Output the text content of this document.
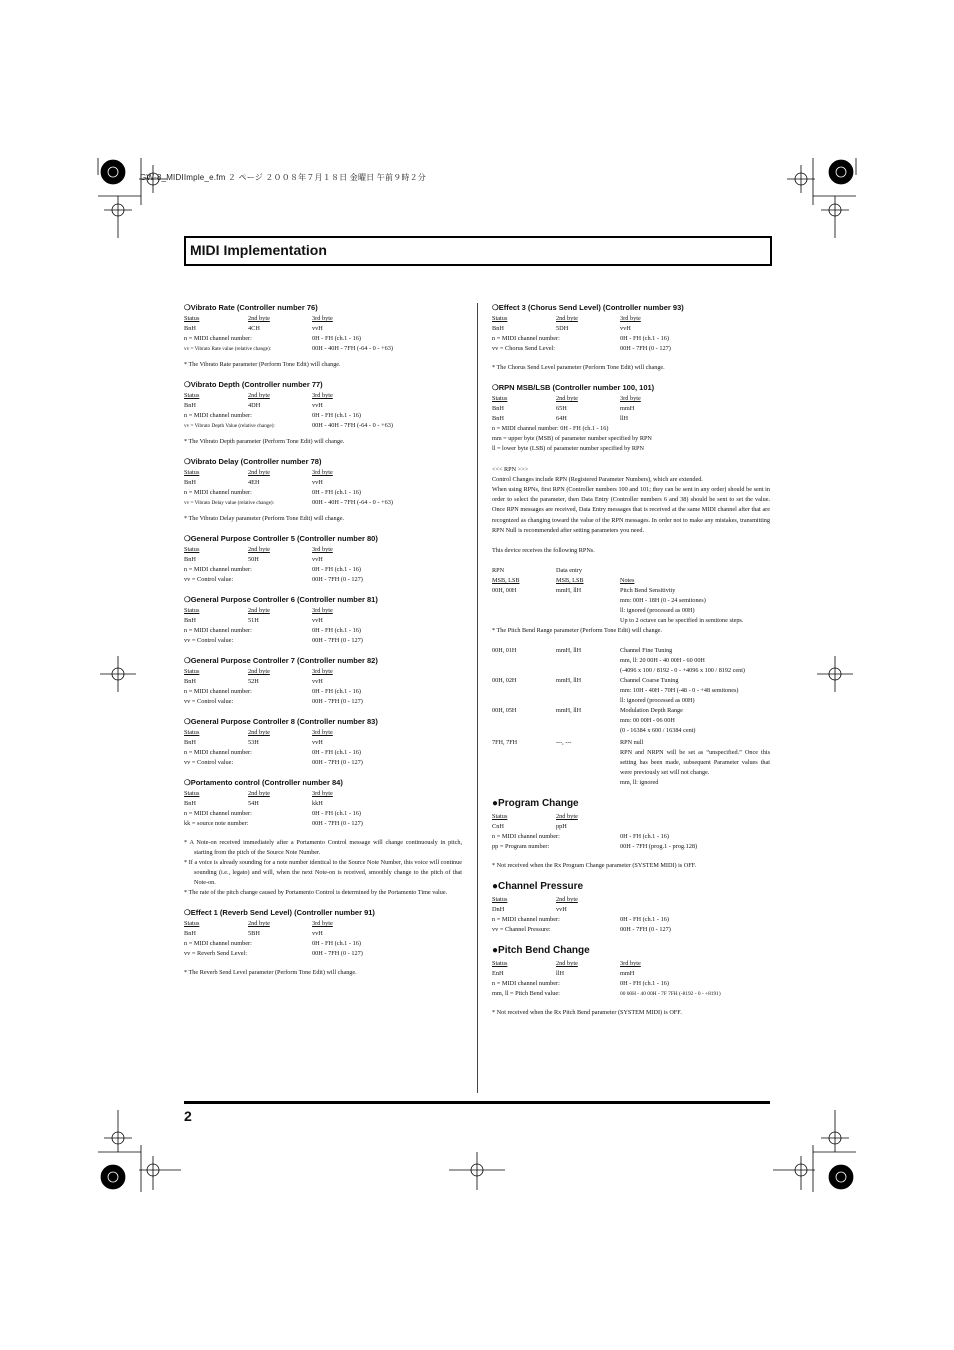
GW-8_MIDIImple_e.fm ２ ページ ２００８年７月１８日 金曜日 午前９時２分
MIDI Implementation
❍Vibrato Rate (Controller number 76)
Status	2nd byte	3rd byte
BnH	4CH	vvH
n = MIDI channel number:	0H - FH (ch.1 - 16)
vv = Vibrato Rate value (relative change):	00H - 40H - 7FH (-64 - 0 - +63)
* The Vibrato Rate parameter (Perform Tone Edit) will change.
❍Vibrato Depth (Controller number 77)
Status	2nd byte	3rd byte
BnH	4DH	vvH
n = MIDI channel number:	0H - FH (ch.1 - 16)
vv = Vibrato Depth Value (relative change):	00H - 40H - 7FH (-64 - 0 - +63)
* The Vibrato Depth parameter (Perform Tone Edit) will change.
❍Vibrato Delay (Controller number 78)
Status	2nd byte	3rd byte
BnH	4EH	vvH
n = MIDI channel number:	0H - FH (ch.1 - 16)
vv = Vibrato Delay value (relative change):	00H - 40H - 7FH (-64 - 0 - +63)
* The Vibrato Delay parameter (Perform Tone Edit) will change.
❍General Purpose Controller 5 (Controller number 80)
Status	2nd byte	3rd byte
BnH	50H	vvH
n = MIDI channel number:	0H - FH (ch.1 - 16)
vv = Control value:	00H - 7FH (0 - 127)
❍General Purpose Controller 6 (Controller number 81)
Status	2nd byte	3rd byte
BnH	51H	vvH
n = MIDI channel number:	0H - FH (ch.1 - 16)
vv = Control value:	00H - 7FH (0 - 127)
❍General Purpose Controller 7 (Controller number 82)
Status	2nd byte	3rd byte
BnH	52H	vvH
n = MIDI channel number:	0H - FH (ch.1 - 16)
vv = Control value:	00H - 7FH (0 - 127)
❍General Purpose Controller 8 (Controller number 83)
Status	2nd byte	3rd byte
BnH	53H	vvH
n = MIDI channel number:	0H - FH (ch.1 - 16)
vv = Control value:	00H - 7FH (0 - 127)
❍Portamento control (Controller number 84)
Status	2nd byte	3rd byte
BnH	54H	kkH
n = MIDI channel number:	0H - FH (ch.1 - 16)
kk = source note number:	00H - 7FH (0 - 127)
* A Note-on received immediately after a Portamento Control message will change continuously in pitch, starting from the pitch of the Source Note Number.
* If a voice is already sounding for a note number identical to the Source Note Number, this voice will continue sounding (i.e., legato) and will, when the next Note-on is received, smoothly change to the pitch of that Note-on.
* The rate of the pitch change caused by Portamento Control is determined by the Portamento Time value.
❍Effect 1 (Reverb Send Level) (Controller number 91)
Status	2nd byte	3rd byte
BnH	5BH	vvH
n = MIDI channel number:	0H - FH (ch.1 - 16)
vv = Reverb Send Level:	00H - 7FH (0 - 127)
* The Reverb Send Level parameter (Perform Tone Edit) will change.
❍Effect 3 (Chorus Send Level) (Controller number 93)
Status	2nd byte	3rd byte
BnH	5DH	vvH
n = MIDI channel number:	0H - FH (ch.1 - 16)
vv = Chorus Send Level:	00H - 7FH (0 - 127)
* The Chorus Send Level parameter (Perform Tone Edit) will change.
❍RPN MSB/LSB (Controller number 100, 101)
Status	2nd byte	3rd byte
BnH	65H	mmH
BnH	64H	llH
n = MIDI channel number: 0H - FH (ch.1 - 16)
mm = upper byte (MSB) of parameter number specified by RPN
ll = lower byte (LSB) of parameter number specified by RPN
<<< RPN >>>
Control Changes include RPN (Registered Parameter Numbers), which are extended.
When using RPNs, first RPN (Controller numbers 100 and 101; they can be sent in any order) should be sent in order to select the parameter, then Data Entry (Controller numbers 6 and 38) should be sent to set the value. Once RPN messages are received, Data Entry messages that is received at the same MIDI channel after that are recognized as changing toward the value of the RPN messages. In order not to make any mistakes, transmitting RPN Null is recommended after setting parameters you need.
This device receives the following RPNs.
RPN	Data entry
MSB, LSB	MSB, LSB	Notes
00H, 00H	mmH, llH	Pitch Bend Sensitivity
mm: 00H - 18H (0 - 24 semitones)
ll: ignored (processed as 00H)
Up to 2 octave can be specified in semitone steps.
* The Pitch Bend Range parameter (Perform Tone Edit) will change.
00H, 01H	mmH, llH	Channel Fine Tuning
mm, ll: 20 00H - 40 00H - 60 00H
(-4096 x 100 / 8192 - 0 - +4096 x 100 / 8192 cent)
00H, 02H	mmH, llH	Channel Coarse Tuning
mm: 10H - 40H - 70H (-48 - 0 - +48 semitones)
ll: ignored (processed as 00H)
00H, 05H	mmH, llH	Modulation Depth Range
mm: 00 00H - 06 00H
(0 - 16384 x 600 / 16384 cent)
7FH, 7FH	---, ---	RPN null
RPN and NRPN will be set as “unspecified.” Once this setting has been made, subsequent Parameter values that were previously set will not change.
mm, ll: ignored
●Program Change
Status	2nd byte
CnH	ppH
n = MIDI channel number:	0H - FH (ch.1 - 16)
pp = Program number:	00H - 7FH (prog.1 - prog.128)
* Not received when the Rx Program Change parameter (SYSTEM MIDI) is OFF.
●Channel Pressure
Status	2nd byte
DnH	vvH
n = MIDI channel number:	0H - FH (ch.1 - 16)
vv = Channel Pressure:	00H - 7FH (0 - 127)
●Pitch Bend Change
Status	2nd byte	3rd byte
EnH	llH	mmH
n = MIDI channel number:	0H - FH (ch.1 - 16)
mm, ll = Pitch Bend value:	00 00H - 40 00H - 7F 7FH (-8192 - 0 - +8191)
* Not received when the Rx Pitch Bend parameter (SYSTEM MIDI) is OFF.
2
